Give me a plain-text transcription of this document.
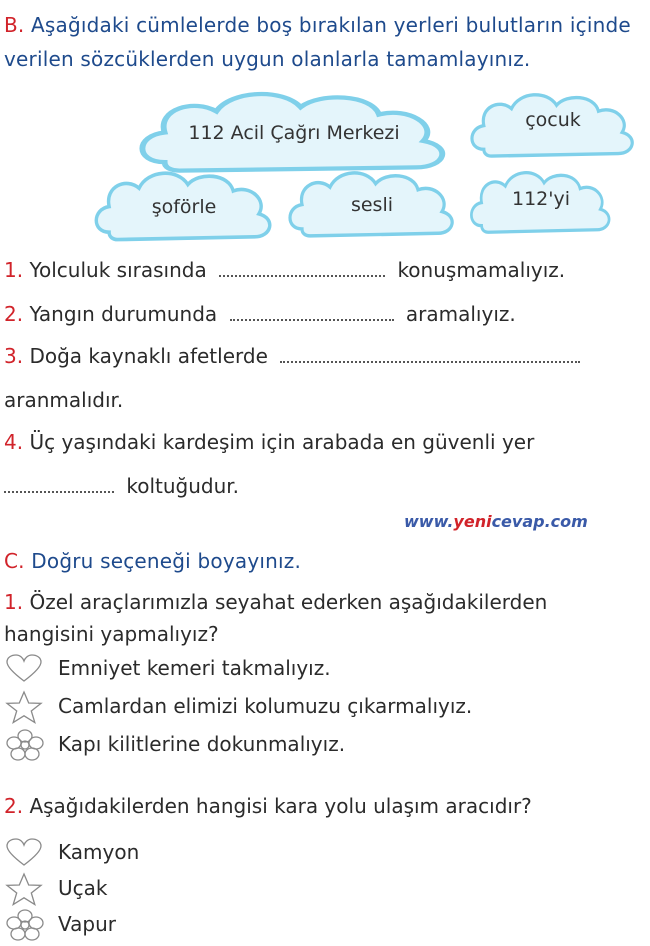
B. Aşağıdaki cümlelerde boş bırakılan yerleri bulutların içinde
verilen sözcüklerden uygun olanlarla tamamlayınız.
112 Acil Çağrı Merkezi
çocuk
şoförle	sesli	112'yi
1. Yolculuk sırasında	konuşmamalıyız.
2. Yangın durumunda	aramalıyız.
3. Doğa kaynaklı afetlerde
aranmalıdır.
4. Üç yaşındaki kardeşim için arabada en güvenli yer
koltuğudur.
www.yenicevap.com
C. Doğru seçeneği boyayınız.
1. Özel araçlarımızla seyahat ederken aşağıdakilerden
hangisini yapmalıyız?
Emniyet kemeri takmalıyız.
Camlardan elimizi kolumuzu çıkarmalıyız.
Kapı kilitlerine dokunmalıyız.
2. Aşağıdakilerden hangisi kara yolu ulaşım aracıdır?
Kamyon
Uçak
Vapur
